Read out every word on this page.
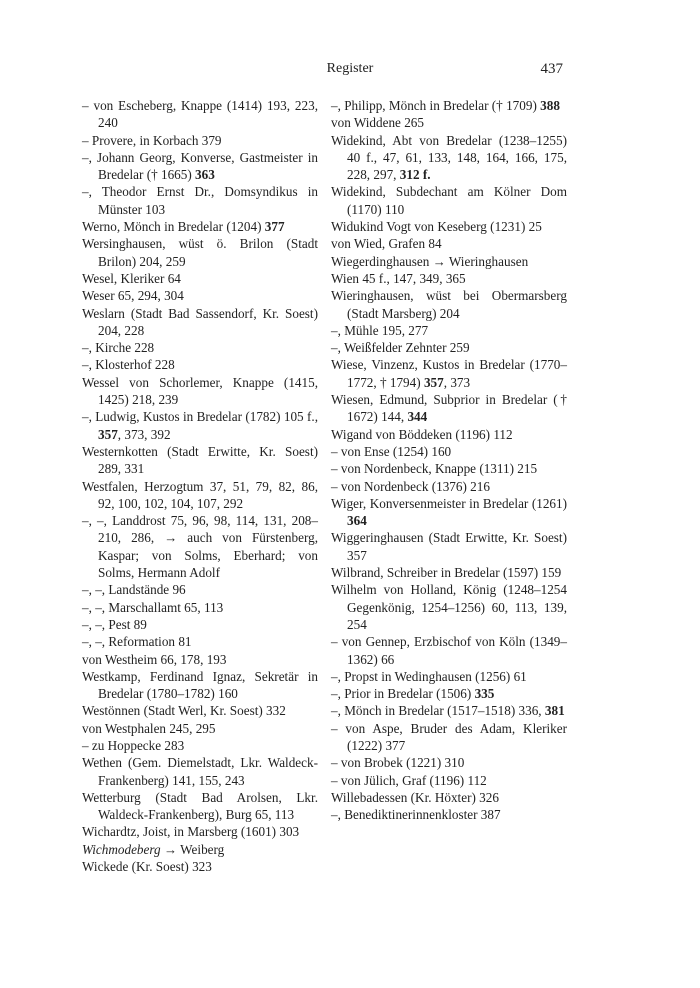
Register	437

– von Escheberg, Knappe (1414) 193, 223, 240

– Provere, in Korbach 379

–, Johann Georg, Konverse, Gastmeister in Bredelar († 1665) 363

–, Theodor Ernst Dr., Domsyndikus in Münster 103

Werno, Mönch in Bredelar (1204) 377

Wersinghausen, wüst ö. Brilon (Stadt Brilon) 204, 259

Wesel, Kleriker 64

Weser 65, 294, 304

Weslarn (Stadt Bad Sassendorf, Kr. Soest) 204, 228

–, Kirche 228

–, Klosterhof 228

Wessel von Schorlemer, Knappe (1415, 1425) 218, 239

–, Ludwig, Kustos in Bredelar (1782) 105 f., 357, 373, 392

Westernkotten (Stadt Erwitte, Kr. Soest) 289, 331

Westfalen, Herzogtum 37, 51, 79, 82, 86, 92, 100, 102, 104, 107, 292

–, –, Landdrost 75, 96, 98, 114, 131, 208–210, 286, → auch von Fürstenberg, Kaspar; von Solms, Eberhard; von Solms, Hermann Adolf

–, –, Landstände 96

–, –, Marschallamt 65, 113

–, –, Pest 89

–, –, Reformation 81

von Westheim 66, 178, 193

Westkamp, Ferdinand Ignaz, Sekretär in Bredelar (1780–1782) 160

Westönnen (Stadt Werl, Kr. Soest) 332

von Westphalen 245, 295

– zu Hoppecke 283

Wethen (Gem. Diemelstadt, Lkr. Waldeck-Frankenberg) 141, 155, 243

Wetterburg (Stadt Bad Arolsen, Lkr. Waldeck-Frankenberg), Burg 65, 113

Wichardtz, Joist, in Marsberg (1601) 303

Wichmodeberg → Weiberg

Wickede (Kr. Soest) 323

–, Philipp, Mönch in Bredelar († 1709) 388

von Widdene 265

Widekind, Abt von Bredelar (1238–1255) 40 f., 47, 61, 133, 148, 164, 166, 175, 228, 297, 312 f.

Widekind, Subdechant am Kölner Dom (1170) 110

Widukind Vogt von Keseberg (1231) 25

von Wied, Grafen 84

Wiegerdinghausen → Wieringhausen

Wien 45 f., 147, 349, 365

Wieringhausen, wüst bei Obermarsberg (Stadt Marsberg) 204

–, Mühle 195, 277

–, Weißfelder Zehnter 259

Wiese, Vinzenz, Kustos in Bredelar (1770–1772, † 1794) 357, 373

Wiesen, Edmund, Subprior in Bredelar († 1672) 144, 344

Wigand von Böddeken (1196) 112

– von Ense (1254) 160

– von Nordenbeck, Knappe (1311) 215

– von Nordenbeck (1376) 216

Wiger, Konversenmeister in Bredelar (1261) 364

Wiggeringhausen (Stadt Erwitte, Kr. Soest) 357

Wilbrand, Schreiber in Bredelar (1597) 159

Wilhelm von Holland, König (1248–1254 Gegenkönig, 1254–1256) 60, 113, 139, 254

– von Gennep, Erzbischof von Köln (1349–1362) 66

–, Propst in Wedinghausen (1256) 61

–, Prior in Bredelar (1506) 335

–, Mönch in Bredelar (1517–1518) 336, 381

– von Aspe, Bruder des Adam, Kleriker (1222) 377

– von Brobek (1221) 310

– von Jülich, Graf (1196) 112

Willebadessen (Kr. Höxter) 326

–, Benediktinerinnenkloster 387
